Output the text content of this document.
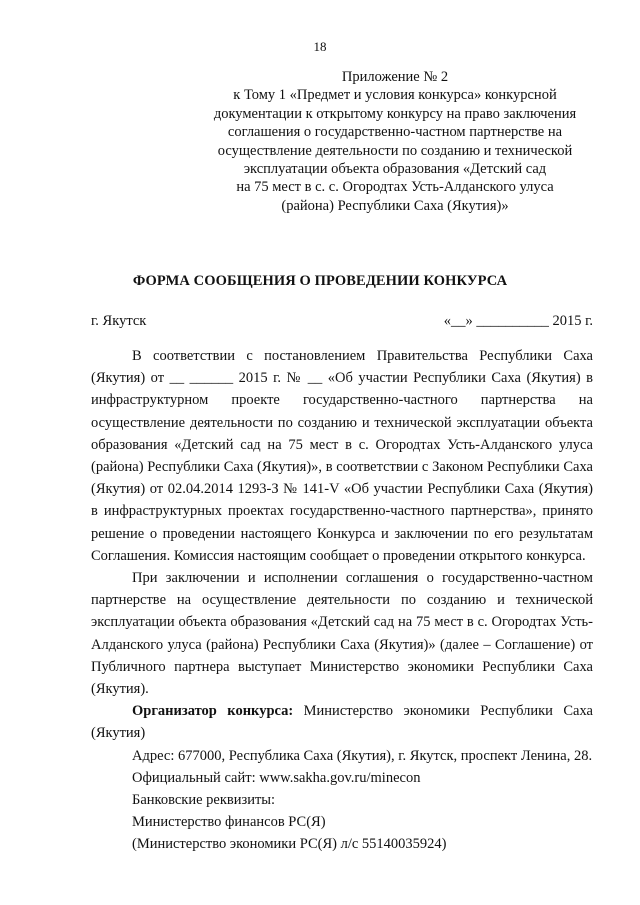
18
Приложение № 2
к Тому 1 «Предмет и условия конкурса» конкурсной
документации к открытому конкурсу на право заключения
соглашения о государственно-частном партнерстве на
осуществление деятельности по созданию и технической
эксплуатации объекта образования «Детский сад
на 75 мест в с. с. Огородтах Усть-Алданского улуса
(района) Республики Саха (Якутия)»
ФОРМА СООБЩЕНИЯ О ПРОВЕДЕНИИ КОНКУРСА
г. Якутск	«__» __________ 2015 г.

В соответствии с постановлением Правительства Республики Саха (Якутия) от __ ______ 2015 г. № __ «Об участии Республики Саха (Якутия) в инфраструктурном проекте государственно-частного партнерства на осуществление деятельности по созданию и технической эксплуатации объекта образования «Детский сад на 75 мест в с. Огородтах Усть-Алданского улуса (района) Республики Саха (Якутия)», в соответствии с Законом Республики Саха (Якутия) от 02.04.2014 1293-З № 141-V «Об участии Республики Саха (Якутия) в инфраструктурных проектах государственно-частного партнерства», принято решение о проведении настоящего Конкурса и заключении по его результатам Соглашения. Комиссия настоящим сообщает о проведении открытого конкурса.

При заключении и исполнении соглашения о государственно-частном партнерстве на осуществление деятельности по созданию и технической эксплуатации объекта образования «Детский сад на 75 мест в с. Огородтах Усть-Алданского улуса (района) Республики Саха (Якутия)» (далее – Соглашение) от Публичного партнера выступает Министерство экономики Республики Саха (Якутия).

Организатор конкурса: Министерство экономики Республики Саха (Якутия)

Адрес: 677000, Республика Саха (Якутия), г. Якутск, проспект Ленина, 28.

Официальный сайт: www.sakha.gov.ru/minecon
Банковские реквизиты:
Министерство финансов РС(Я)
(Министерство экономики РС(Я) л/с 55140035924)
